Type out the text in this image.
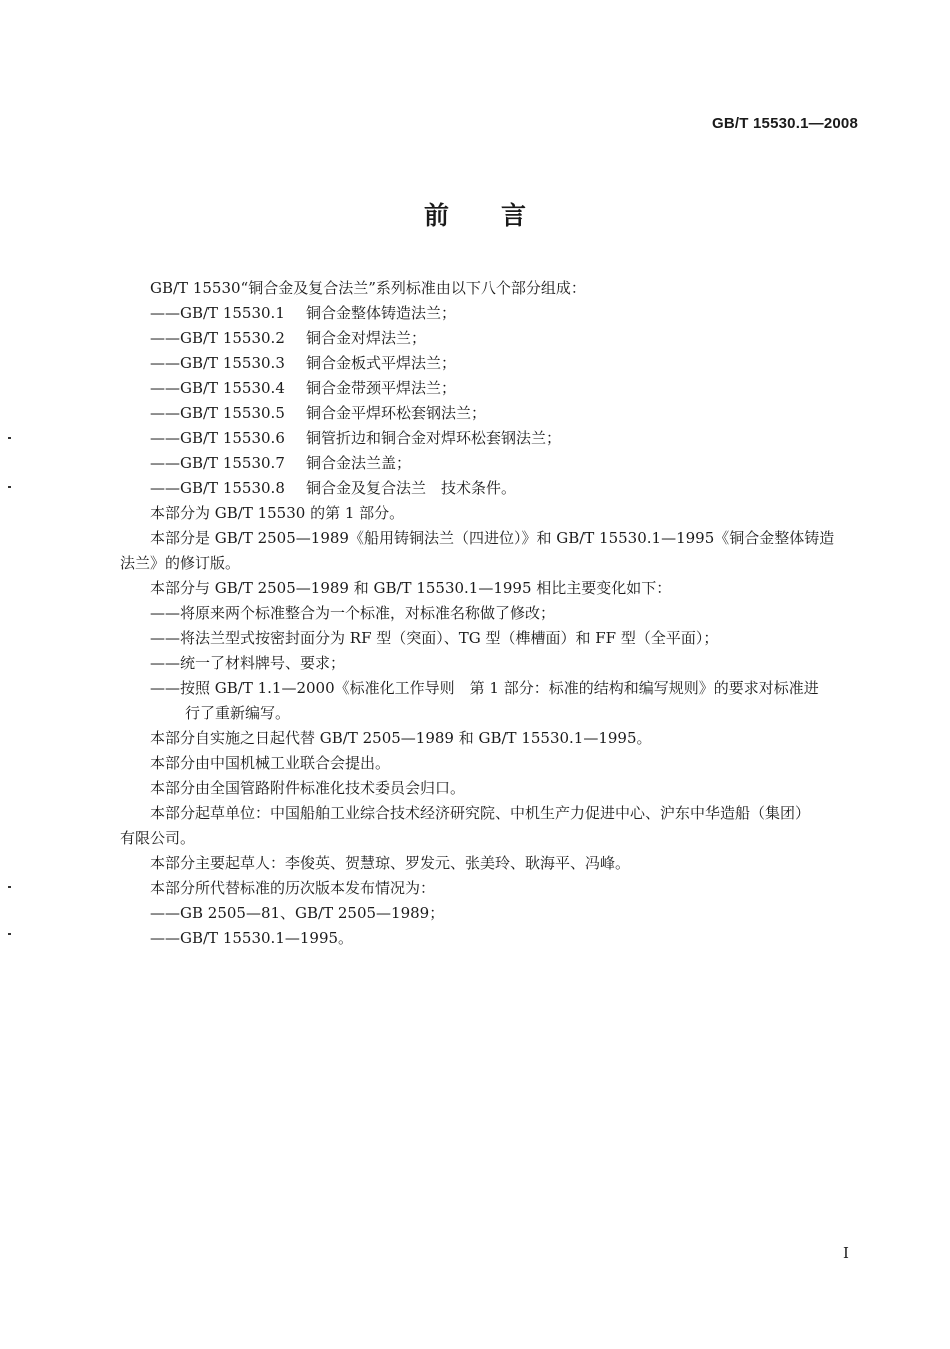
GB/T 15530.1—2008
前言
GB/T 15530“铜合金及复合法兰”系列标准由以下八个部分组成：
——GB/T 15530.1 铜合金整体铸造法兰；
——GB/T 15530.2 铜合金对焊法兰；
——GB/T 15530.3 铜合金板式平焊法兰；
——GB/T 15530.4 铜合金带颈平焊法兰；
——GB/T 15530.5 铜合金平焊环松套钢法兰；
——GB/T 15530.6 铜管折边和铜合金对焊环松套钢法兰；
——GB/T 15530.7 铜合金法兰盖；
——GB/T 15530.8 铜合金及复合法兰　技术条件。
本部分为 GB/T 15530 的第 1 部分。
本部分是 GB/T 2505—1989《船用铸铜法兰（四进位）》和 GB/T 15530.1—1995《铜合金整体铸造
法兰》的修订版。
本部分与 GB/T 2505—1989 和 GB/T 15530.1—1995 相比主要变化如下：
——将原来两个标准整合为一个标准，对标准名称做了修改；
——将法兰型式按密封面分为 RF 型（突面）、TG 型（榫槽面）和 FF 型（全平面）；
——统一了材料牌号、要求；
——按照 GB/T 1.1—2000《标准化工作导则　第 1 部分：标准的结构和编写规则》的要求对标准进
行了重新编写。
本部分自实施之日起代替 GB/T 2505—1989 和 GB/T 15530.1—1995。
本部分由中国机械工业联合会提出。
本部分由全国管路附件标准化技术委员会归口。
本部分起草单位：中国船舶工业综合技术经济研究院、中机生产力促进中心、沪东中华造船（集团）
有限公司。
本部分主要起草人：李俊英、贺慧琼、罗发元、张美玲、耿海平、冯峰。
本部分所代替标准的历次版本发布情况为：
——GB 2505—81、GB/T 2505—1989；
——GB/T 15530.1—1995。
I
